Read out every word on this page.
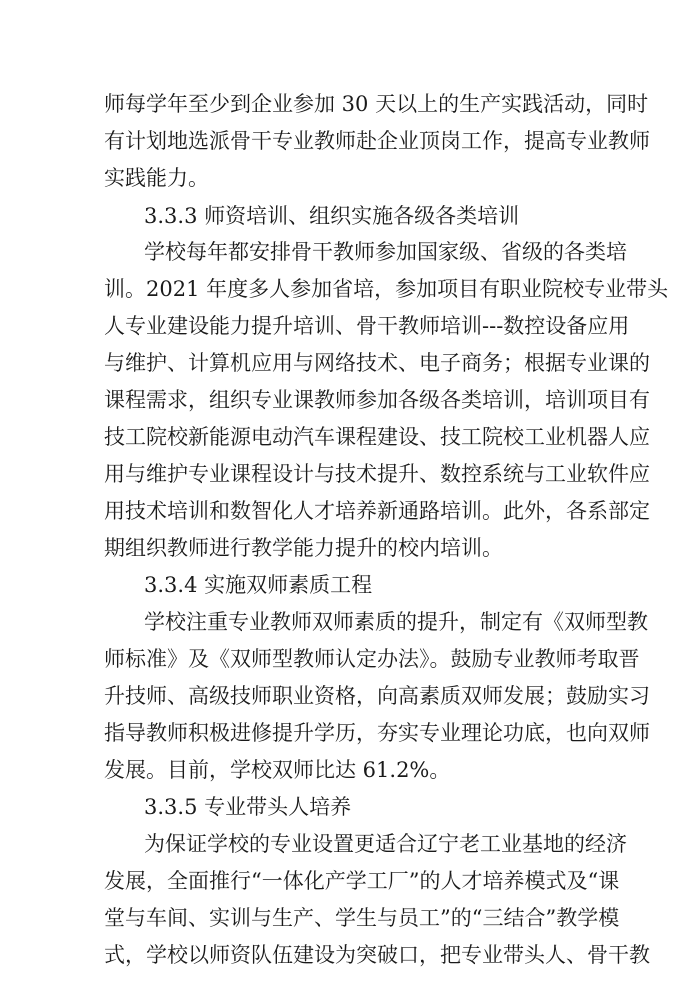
师每学年至少到企业参加 30 天以上的生产实践活动，同时
有计划地选派骨干专业教师赴企业顶岗工作，提高专业教师
实践能力。
3.3.3 师资培训、组织实施各级各类培训
学校每年都安排骨干教师参加国家级、省级的各类培
训。2021 年度多人参加省培，参加项目有职业院校专业带头
人专业建设能力提升培训、骨干教师培训---数控设备应用
与维护、计算机应用与网络技术、电子商务；根据专业课的
课程需求，组织专业课教师参加各级各类培训，培训项目有
技工院校新能源电动汽车课程建设、技工院校工业机器人应
用与维护专业课程设计与技术提升、数控系统与工业软件应
用技术培训和数智化人才培养新通路培训。此外，各系部定
期组织教师进行教学能力提升的校内培训。
3.3.4 实施双师素质工程
学校注重专业教师双师素质的提升，制定有《双师型教
师标准》及《双师型教师认定办法》。鼓励专业教师考取晋
升技师、高级技师职业资格，向高素质双师发展；鼓励实习
指导教师积极进修提升学历，夯实专业理论功底，也向双师
发展。目前，学校双师比达 61.2%。
3.3.5 专业带头人培养
为保证学校的专业设置更适合辽宁老工业基地的经济
发展，全面推行“一体化产学工厂”的人才培养模式及“课
堂与车间、实训与生产、学生与员工”的“三结合”教学模
式，学校以师资队伍建设为突破口，把专业带头人、骨干教
